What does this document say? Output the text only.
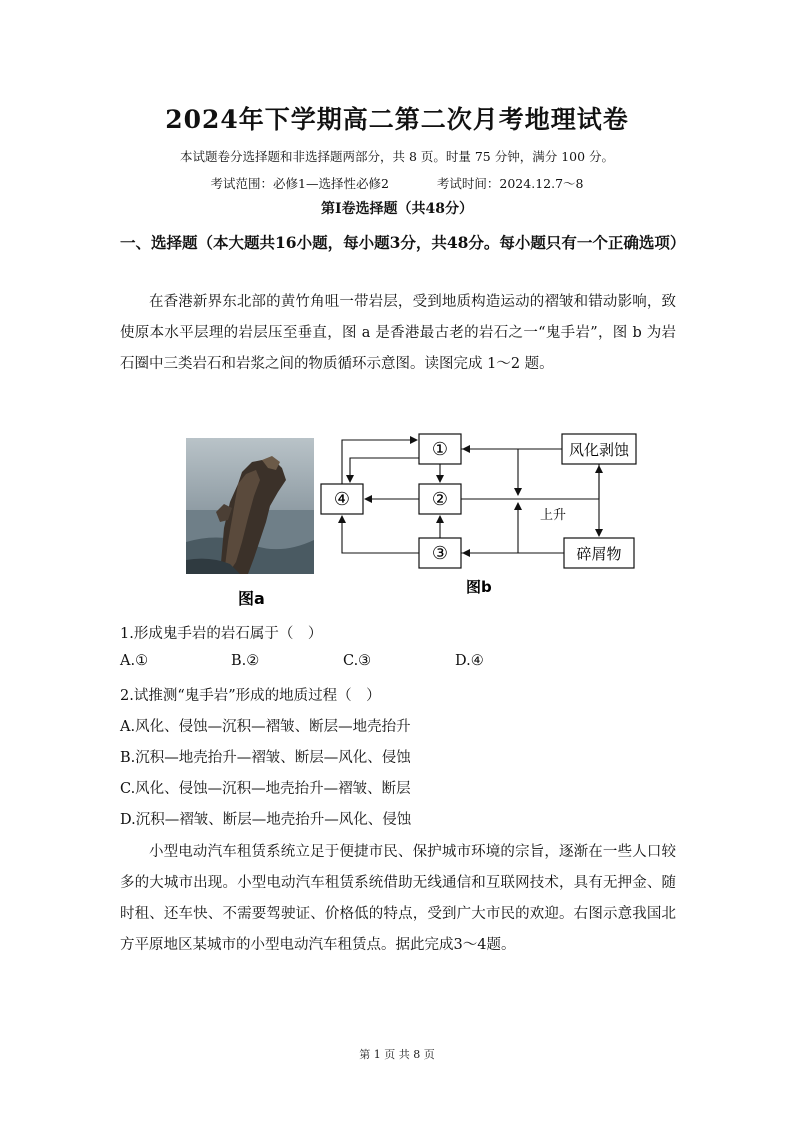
2024年下学期高二第二次月考地理试卷
本试题卷分选择题和非选择题两部分，共 8 页。时量 75 分钟，满分 100 分。
考试范围：必修1—选择性必修2	考试时间：2024.12.7～8
第Ⅰ卷选择题（共48分）
一、选择题（本大题共16小题，每小题3分，共48分。每小题只有一个正确选项）
在香港新界东北部的黄竹角咀一带岩层，受到地质构造运动的褶皱和错动影响，致使原本水平层理的岩层压至垂直，图 a 是香港最古老的岩石之一“鬼手岩”，图 b 为岩石圈中三类岩石和岩浆之间的物质循环示意图。读图完成 1～2 题。
①
②
③
④
风化剥蚀
碎屑物
上升
图a
图b
1.形成鬼手岩的岩石属于（　）
A.①	B.②	C.③	D.④
2.试推测“鬼手岩”形成的地质过程（　）
A.风化、侵蚀—沉积—褶皱、断层—地壳抬升
B.沉积—地壳抬升—褶皱、断层—风化、侵蚀
C.风化、侵蚀—沉积—地壳抬升—褶皱、断层
D.沉积—褶皱、断层—地壳抬升—风化、侵蚀
小型电动汽车租赁系统立足于便捷市民、保护城市环境的宗旨，逐渐在一些人口较多的大城市出现。小型电动汽车租赁系统借助无线通信和互联网技术，具有无押金、随时租、还车快、不需要驾驶证、价格低的特点，受到广大市民的欢迎。右图示意我国北方平原地区某城市的小型电动汽车租赁点。据此完成3～4题。
第 1 页 共 8 页
